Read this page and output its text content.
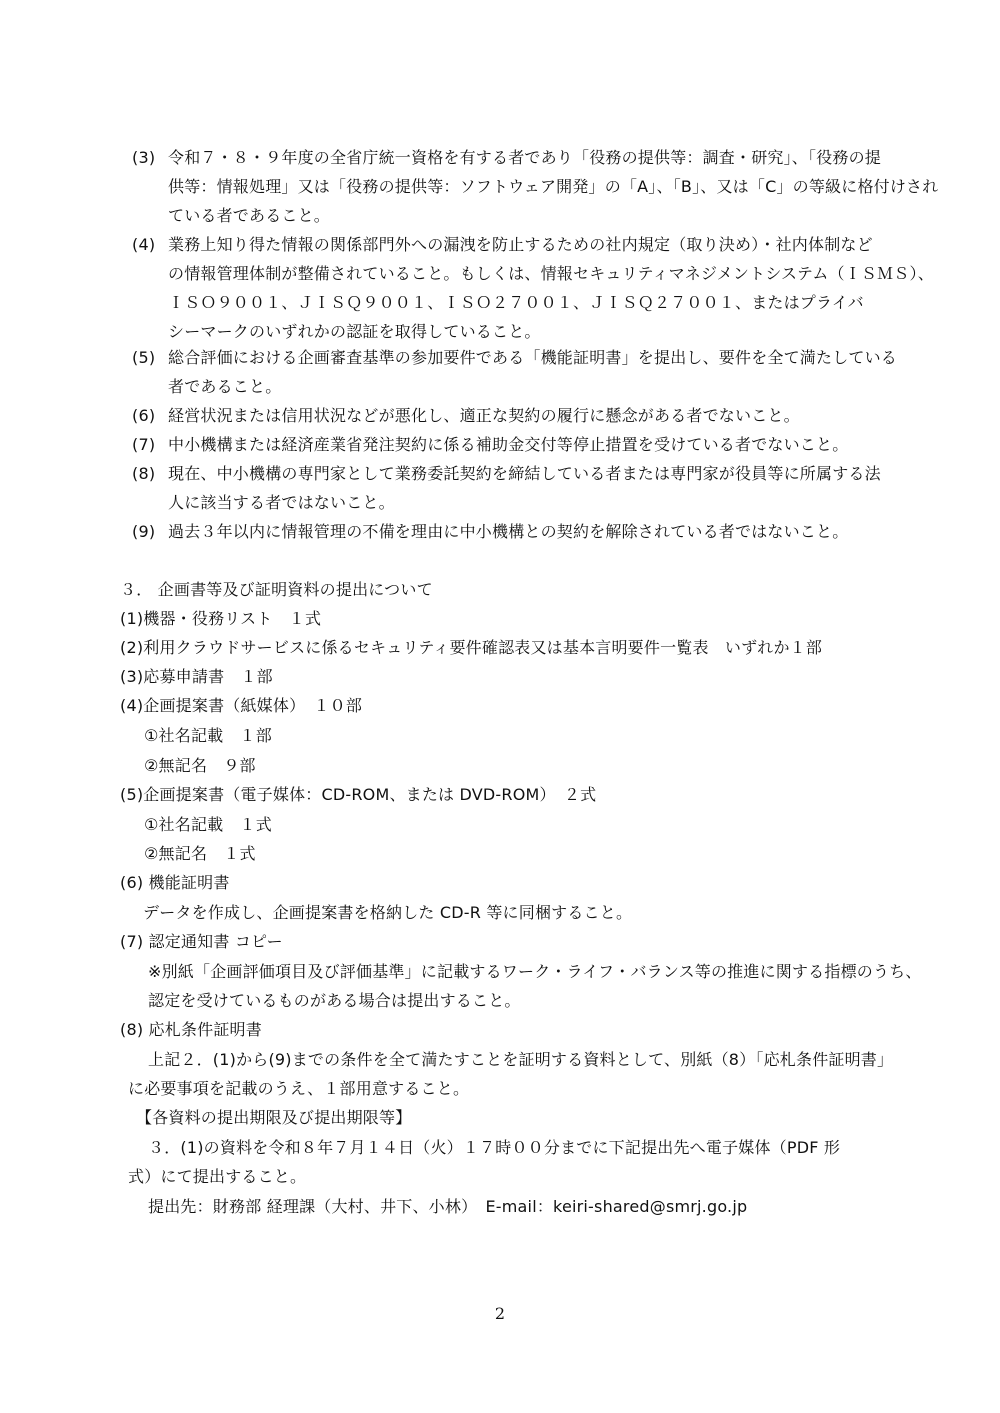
(3) 令和７・８・９年度の全省庁統一資格を有する者であり「役務の提供等：調査・研究」、「役務の提
供等：情報処理」又は「役務の提供等：ソフトウェア開発」の「A」、「B」、又は「C」の等級に格付けされ
ている者であること。
(4) 業務上知り得た情報の関係部門外への漏洩を防止するための社内規定（取り決め）・社内体制など
の情報管理体制が整備されていること。もしくは、情報セキュリティマネジメントシステム（ＩＳＭＳ）、
ＩＳＯ９００１、ＪＩＳＱ９００１、ＩＳＯ２７００１、ＪＩＳＱ２７００１、またはプライバ
シーマークのいずれかの認証を取得していること。
(5) 総合評価における企画審査基準の参加要件である「機能証明書」を提出し、要件を全て満たしている
者であること。
(6) 経営状況または信用状況などが悪化し、適正な契約の履行に懸念がある者でないこと。
(7) 中小機構または経済産業省発注契約に係る補助金交付等停止措置を受けている者でないこと。
(8) 現在、中小機構の専門家として業務委託契約を締結している者または専門家が役員等に所属する法
人に該当する者ではないこと。
(9) 過去３年以内に情報管理の不備を理由に中小機構との契約を解除されている者ではないこと。
３． 企画書等及び証明資料の提出について
(1)機器・役務リスト　１式
(2)利用クラウドサービスに係るセキュリティ要件確認表又は基本言明要件一覧表　いずれか１部
(3)応募申請書　１部
(4)企画提案書（紙媒体）　１０部
①社名記載　１部
②無記名　９部
(5)企画提案書（電子媒体：CD-ROM、または DVD-ROM）　２式
①社名記載　１式
②無記名　１式
(6) 機能証明書
データを作成し、企画提案書を格納した CD-R 等に同梱すること。
(7) 認定通知書 コピー
※別紙「企画評価項目及び評価基準」に記載するワーク・ライフ・バランス等の推進に関する指標のうち、
認定を受けているものがある場合は提出すること。
(8) 応札条件証明書
上記２．(1)から(9)までの条件を全て満たすことを証明する資料として、別紙（8）「応札条件証明書」
に必要事項を記載のうえ、１部用意すること。
【各資料の提出期限及び提出期限等】
３．(1)の資料を令和８年７月１４日（火）１７時００分までに下記提出先へ電子媒体（PDF 形
式）にて提出すること。
提出先：財務部 経理課（大村、井下、小林）　E-mail：keiri-shared@smrj.go.jp
2
